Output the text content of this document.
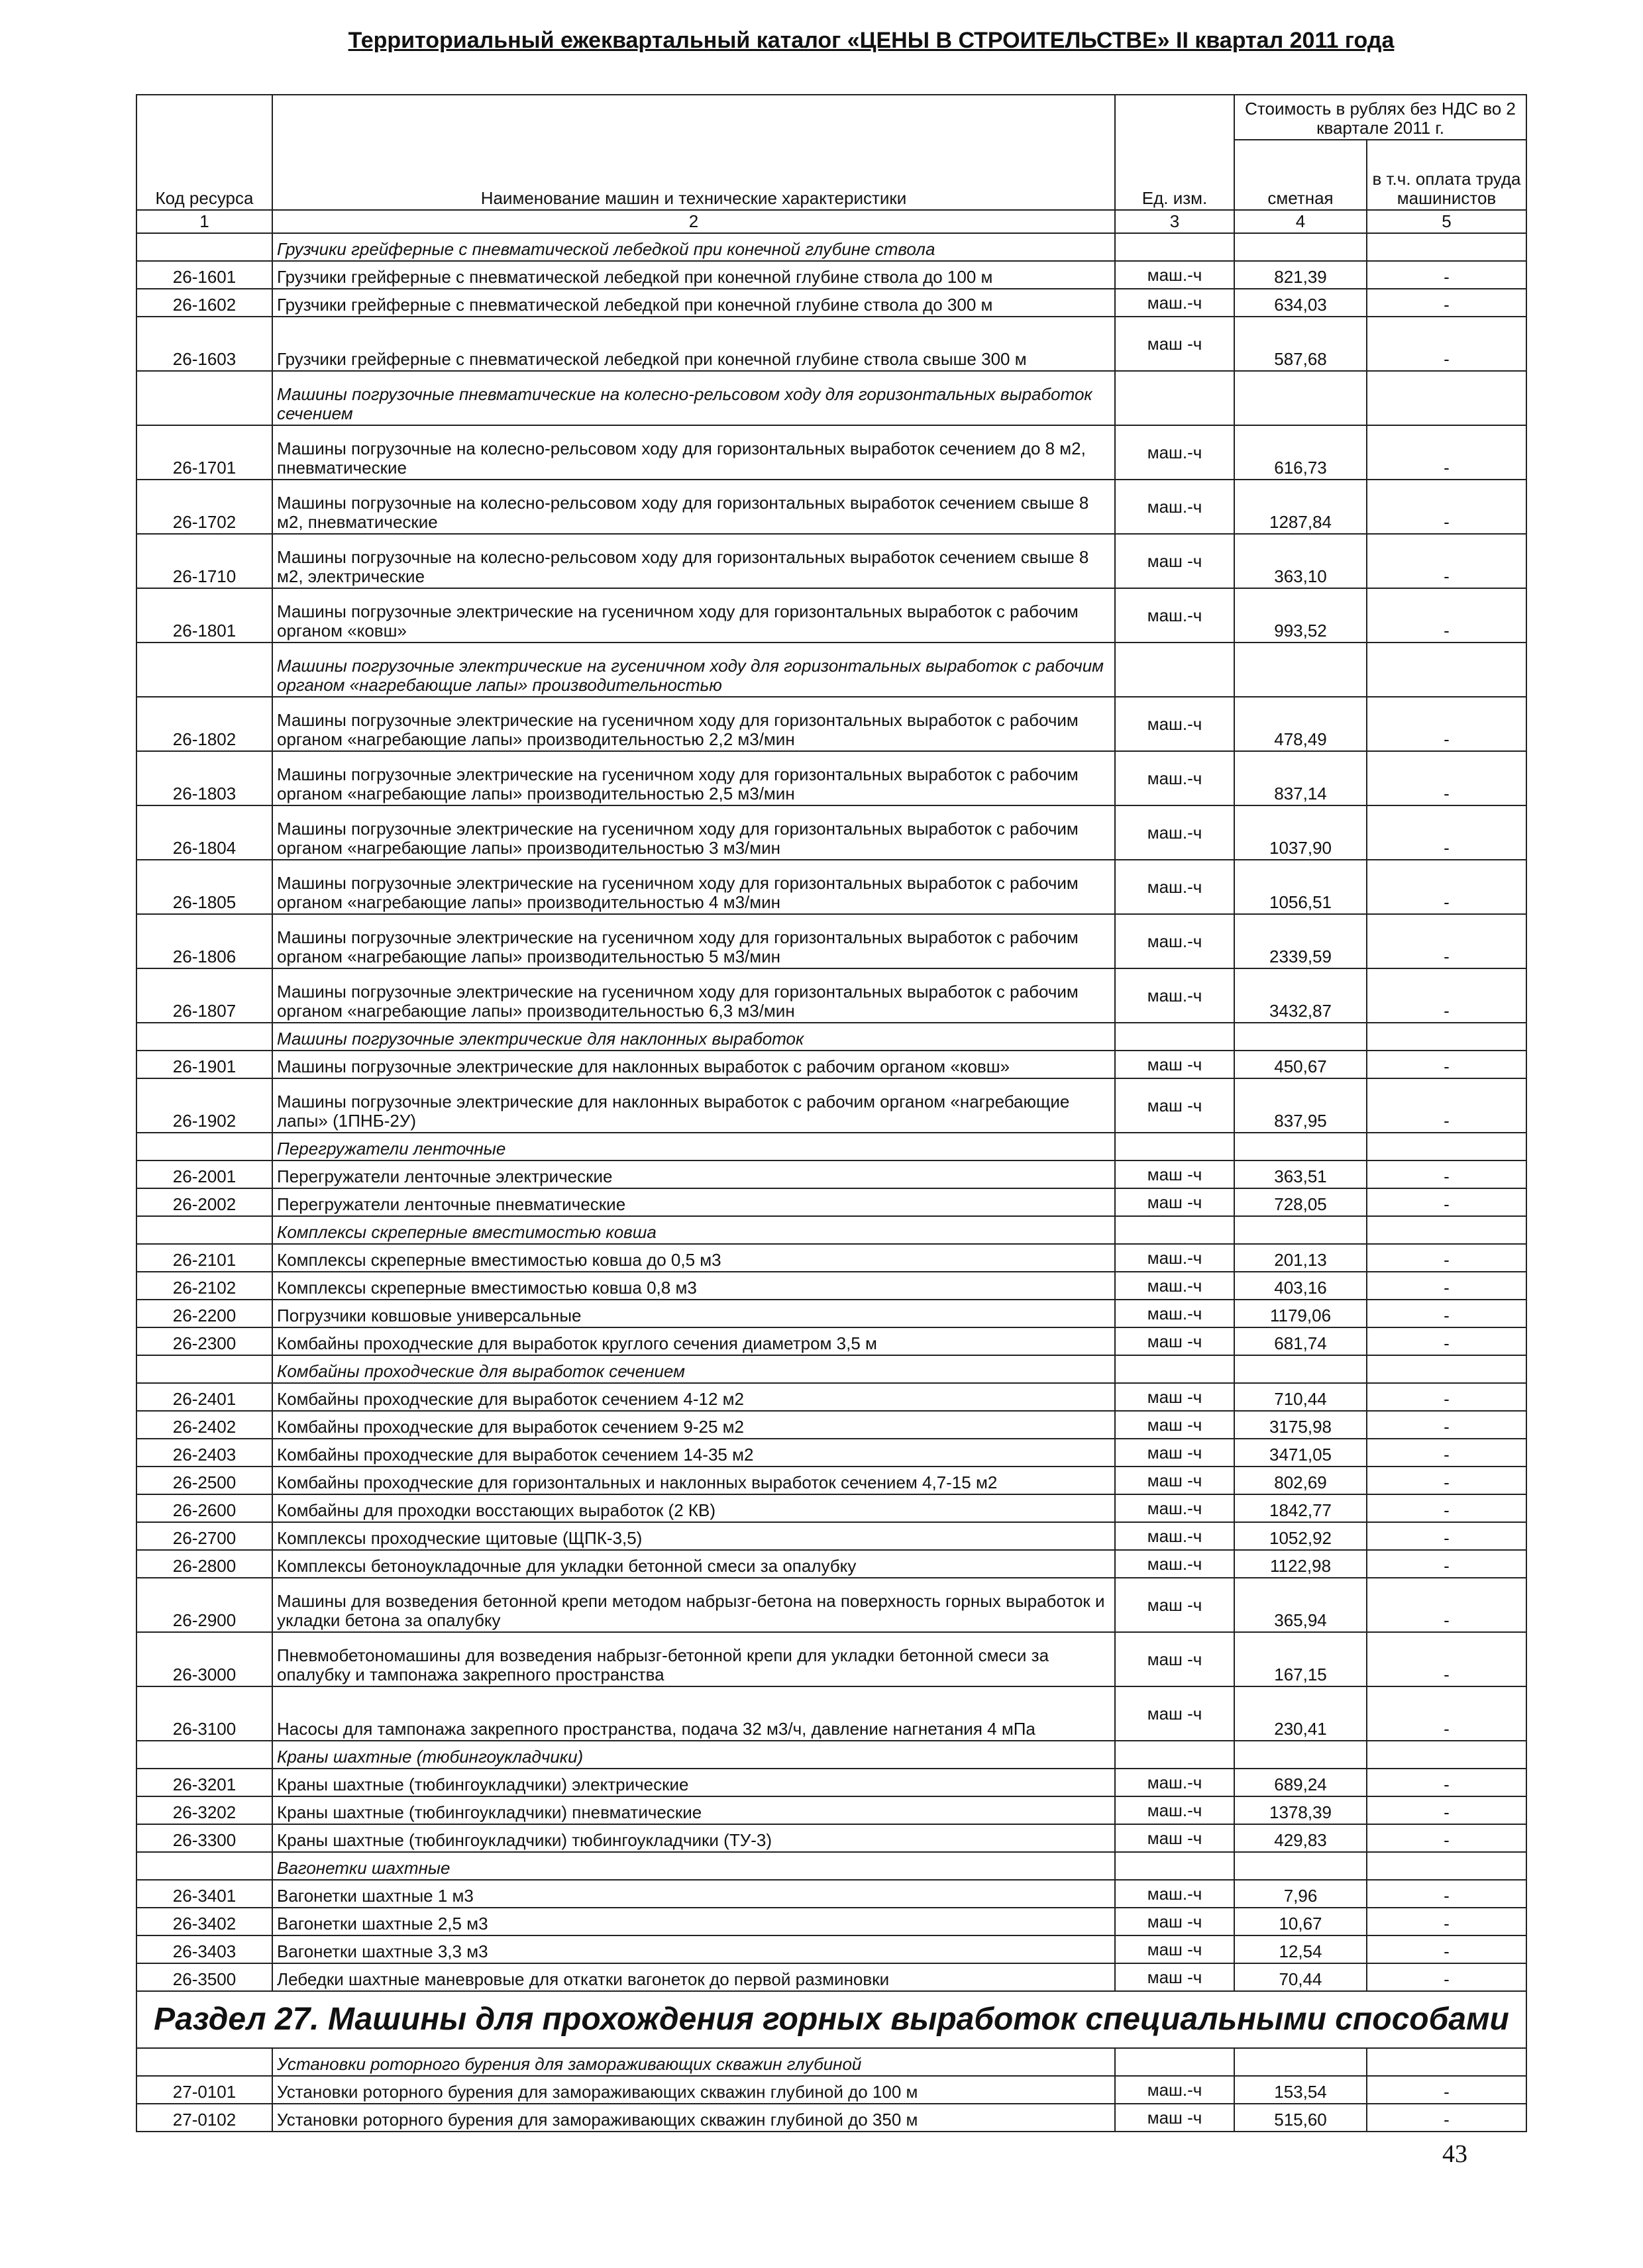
Территориальный ежеквартальный каталог «ЦЕНЫ В СТРОИТЕЛЬСТВЕ» II квартал 2011 года
Код ресурса	Наименование машин и технические характеристики	Ед. изм.	Стоимость в рублях без НДС во 2 квартале 2011 г.	
			сметная	в т.ч. оплата труда машинистов
1	2	3	4	5
	Грузчики грейферные с пневматической лебедкой при конечной глубине ствола			
26-1601	Грузчики грейферные с пневматической лебедкой при конечной глубине ствола до 100 м	маш.-ч	821,39	-
26-1602	Грузчики грейферные с пневматической лебедкой при конечной глубине ствола до 300 м	маш.-ч	634,03	-
26-1603	Грузчики грейферные с пневматической лебедкой при конечной глубине ствола свыше 300 м	маш -ч	587,68	-
	Машины погрузочные пневматические на колесно-рельсовом ходу для горизонтальных выработок сечением			
26-1701	Машины погрузочные на колесно-рельсовом ходу для горизонтальных выработок сечением до 8 м2, пневматические	маш.-ч	616,73	-
26-1702	Машины погрузочные на колесно-рельсовом ходу для горизонтальных выработок сечением свыше 8 м2, пневматические	маш.-ч	1287,84	-
26-1710	Машины погрузочные на колесно-рельсовом ходу для горизонтальных выработок сечением свыше 8 м2, электрические	маш -ч	363,10	-
26-1801	Машины погрузочные электрические на гусеничном ходу для горизонтальных выработок с рабочим органом «ковш»	маш.-ч	993,52	-
	Машины погрузочные электрические на гусеничном ходу для горизонтальных выработок с рабочим органом «нагребающие лапы» производительностью			
26-1802	Машины погрузочные электрические на гусеничном ходу для горизонтальных выработок с рабочим органом «нагребающие лапы» производительностью 2,2 м3/мин	маш.-ч	478,49	-
26-1803	Машины погрузочные электрические на гусеничном ходу для горизонтальных выработок с рабочим органом «нагребающие лапы» производительностью 2,5 м3/мин	маш.-ч	837,14	-
26-1804	Машины погрузочные электрические на гусеничном ходу для горизонтальных выработок с рабочим органом «нагребающие лапы» производительностью 3 м3/мин	маш.-ч	1037,90	-
26-1805	Машины погрузочные электрические на гусеничном ходу для горизонтальных выработок с рабочим органом «нагребающие лапы» производительностью 4 м3/мин	маш.-ч	1056,51	-
26-1806	Машины погрузочные электрические на гусеничном ходу для горизонтальных выработок с рабочим органом «нагребающие лапы» производительностью 5 м3/мин	маш.-ч	2339,59	-
26-1807	Машины погрузочные электрические на гусеничном ходу для горизонтальных выработок с рабочим органом «нагребающие лапы» производительностью 6,3 м3/мин	маш.-ч	3432,87	-
	Машины погрузочные электрические для наклонных выработок			
26-1901	Машины погрузочные электрические для наклонных выработок с рабочим органом «ковш»	маш -ч	450,67	-
26-1902	Машины погрузочные электрические для наклонных выработок с рабочим органом «нагребающие лапы» (1ПНБ-2У)	маш -ч	837,95	-
	Перегружатели ленточные			
26-2001	Перегружатели ленточные электрические	маш -ч	363,51	-
26-2002	Перегружатели ленточные пневматические	маш -ч	728,05	-
	Комплексы скреперные вместимостью ковша			
26-2101	Комплексы скреперные вместимостью ковша до 0,5 м3	маш.-ч	201,13	-
26-2102	Комплексы скреперные вместимостью ковша 0,8 м3	маш.-ч	403,16	-
26-2200	Погрузчики ковшовые универсальные	маш.-ч	1179,06	-
26-2300	Комбайны проходческие для выработок круглого сечения диаметром 3,5 м	маш -ч	681,74	-
	Комбайны проходческие для выработок сечением			
26-2401	Комбайны проходческие для выработок сечением 4-12 м2	маш -ч	710,44	-
26-2402	Комбайны проходческие для выработок сечением 9-25 м2	маш -ч	3175,98	-
26-2403	Комбайны проходческие для выработок сечением 14-35 м2	маш -ч	3471,05	-
26-2500	Комбайны проходческие для горизонтальных и наклонных выработок сечением 4,7-15 м2	маш -ч	802,69	-
26-2600	Комбайны для проходки восстающих выработок (2 КВ)	маш.-ч	1842,77	-
26-2700	Комплексы проходческие щитовые (ЩПК-3,5)	маш.-ч	1052,92	-
26-2800	Комплексы бетоноукладочные для укладки бетонной смеси за опалубку	маш.-ч	1122,98	-
26-2900	Машины для возведения бетонной крепи методом набрызг-бетона на поверхность горных выработок и укладки бетона за опалубку	маш -ч	365,94	-
26-3000	Пневмобетономашины для возведения набрызг-бетонной крепи для укладки бетонной смеси за опалубку и тампонажа закрепного пространства	маш -ч	167,15	-
26-3100	Насосы для тампонажа закрепного пространства, подача 32 м3/ч, давление нагнетания 4 мПа	маш -ч	230,41	-
	Краны шахтные (тюбингоукладчики)			
26-3201	Краны шахтные (тюбингоукладчики) электрические	маш.-ч	689,24	-
26-3202	Краны шахтные (тюбингоукладчики) пневматические	маш.-ч	1378,39	-
26-3300	Краны шахтные (тюбингоукладчики) тюбингоукладчики (ТУ-3)	маш -ч	429,83	-
	Вагонетки шахтные			
26-3401	Вагонетки шахтные 1 м3	маш.-ч	7,96	-
26-3402	Вагонетки шахтные 2,5 м3	маш -ч	10,67	-
26-3403	Вагонетки шахтные 3,3 м3	маш -ч	12,54	-
26-3500	Лебедки шахтные маневровые для откатки вагонеток до первой разминовки	маш -ч	70,44	-
Раздел 27. Машины для прохождения горных выработок специальными способами				
	Установки роторного бурения для замораживающих скважин глубиной			
27-0101	Установки роторного бурения для замораживающих скважин глубиной до 100 м	маш.-ч	153,54	-
27-0102	Установки роторного бурения для замораживающих скважин глубиной до 350 м	маш -ч	515,60	-
43
